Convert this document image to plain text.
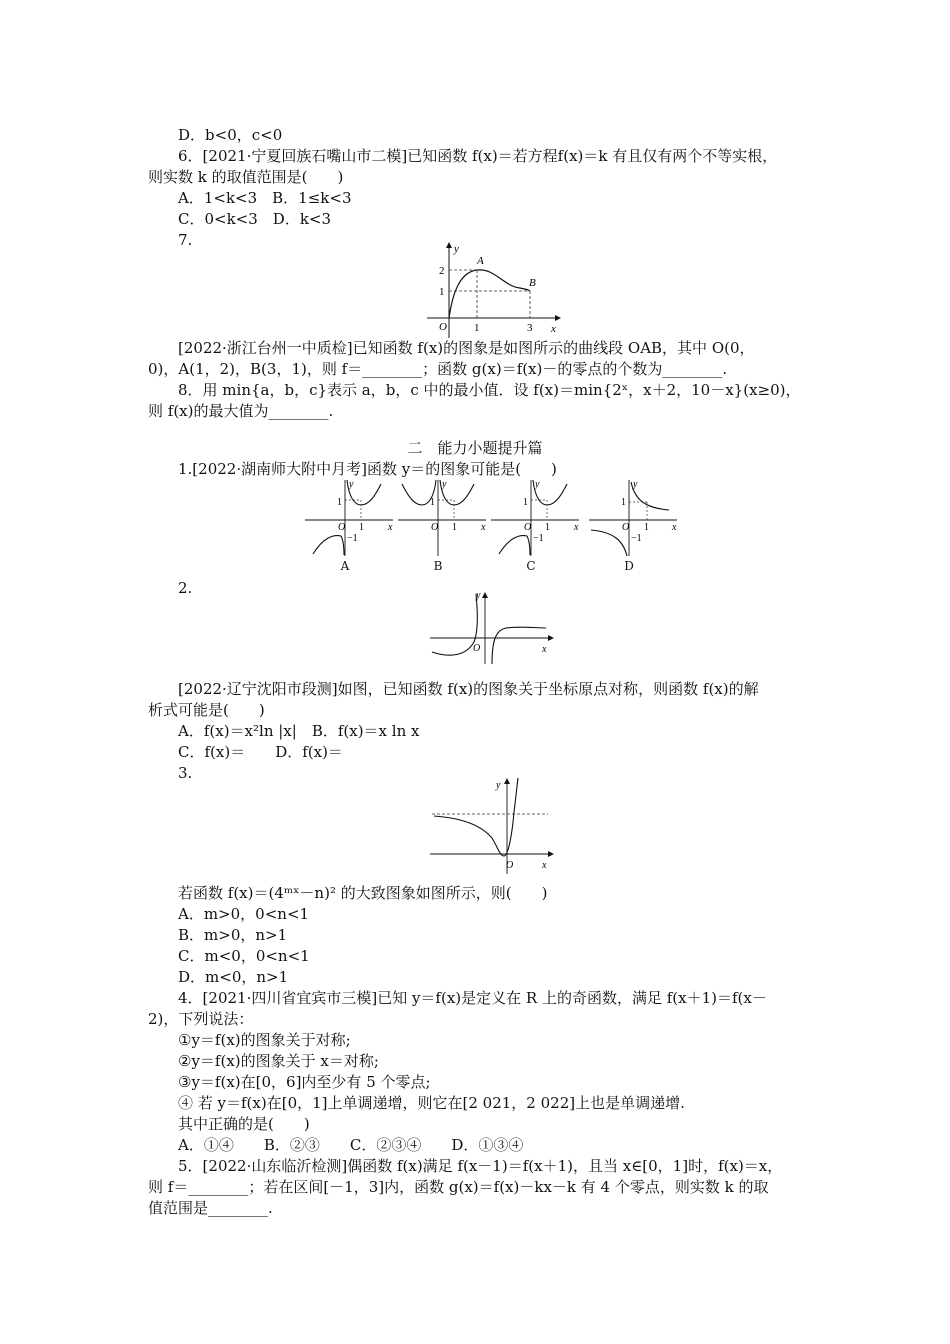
D．b<0，c<0
6．[2021·宁夏回族石嘴山市二模]已知函数 f(x)＝若方程f(x)＝k 有且仅有两个不等实根，
则实数 k 的取值范围是(　　)
A．1<k<3　B．1≤k<3
C．0<k<3　D．k<3
7.	y
x
O
2
1
1	3
A
B
[2022·浙江台州一中质检]已知函数 f(x)的图象是如图所示的曲线段 OAB，其中 O(0，
0)，A(1，2)，B(3，1)，则 f＝________；函数 g(x)＝f(x)－的零点的个数为________.
8．用 min{a，b，c}表示 a，b，c 中的最小值．设 f(x)＝min{2ˣ，x＋2，10－x}(x≥0)，
则 f(x)的最大值为________.
二　能力小题提升篇
1.[2022·湖南师大附中月考]函数 y＝的图象可能是(　　)
1
O 1
−1
x
y
1
O 1 x
y
1
O 1
−1
x
y
1
O 1
−1
x
y
A	B	C	D
2.	y
x
O
[2022·辽宁沈阳市段测]如图，已知函数 f(x)的图象关于坐标原点对称，则函数 f(x)的解
析式可能是(　　)
A．f(x)＝x²ln |x|　B．f(x)＝x ln x
C．f(x)＝　　D．f(x)＝
3.
y
x
O
若函数 f(x)＝(4ᵐˣ－n)² 的大致图象如图所示，则(　　)
A．m>0，0<n<1
B．m>0，n>1
C．m<0，0<n<1
D．m<0，n>1
4．[2021·四川省宜宾市三模]已知 y＝f(x)是定义在 R 上的奇函数，满足 f(x＋1)＝f(x－
2)，下列说法：
①y＝f(x)的图象关于对称;
②y＝f(x)的图象关于 x＝对称;
③y＝f(x)在[0，6]内至少有 5 个零点;
④ 若 y＝f(x)在[0，1]上单调递增，则它在[2 021，2 022]上也是单调递增.
其中正确的是(　　)
A．①④　　B．②③　　C．②③④　　D．①③④
5．[2022·山东临沂检测]偶函数 f(x)满足 f(x－1)＝f(x＋1)，且当 x∈[0，1]时，f(x)＝x，
则 f＝________；若在区间[－1，3]内，函数 g(x)＝f(x)－kx－k 有 4 个零点，则实数 k 的取
值范围是________.
